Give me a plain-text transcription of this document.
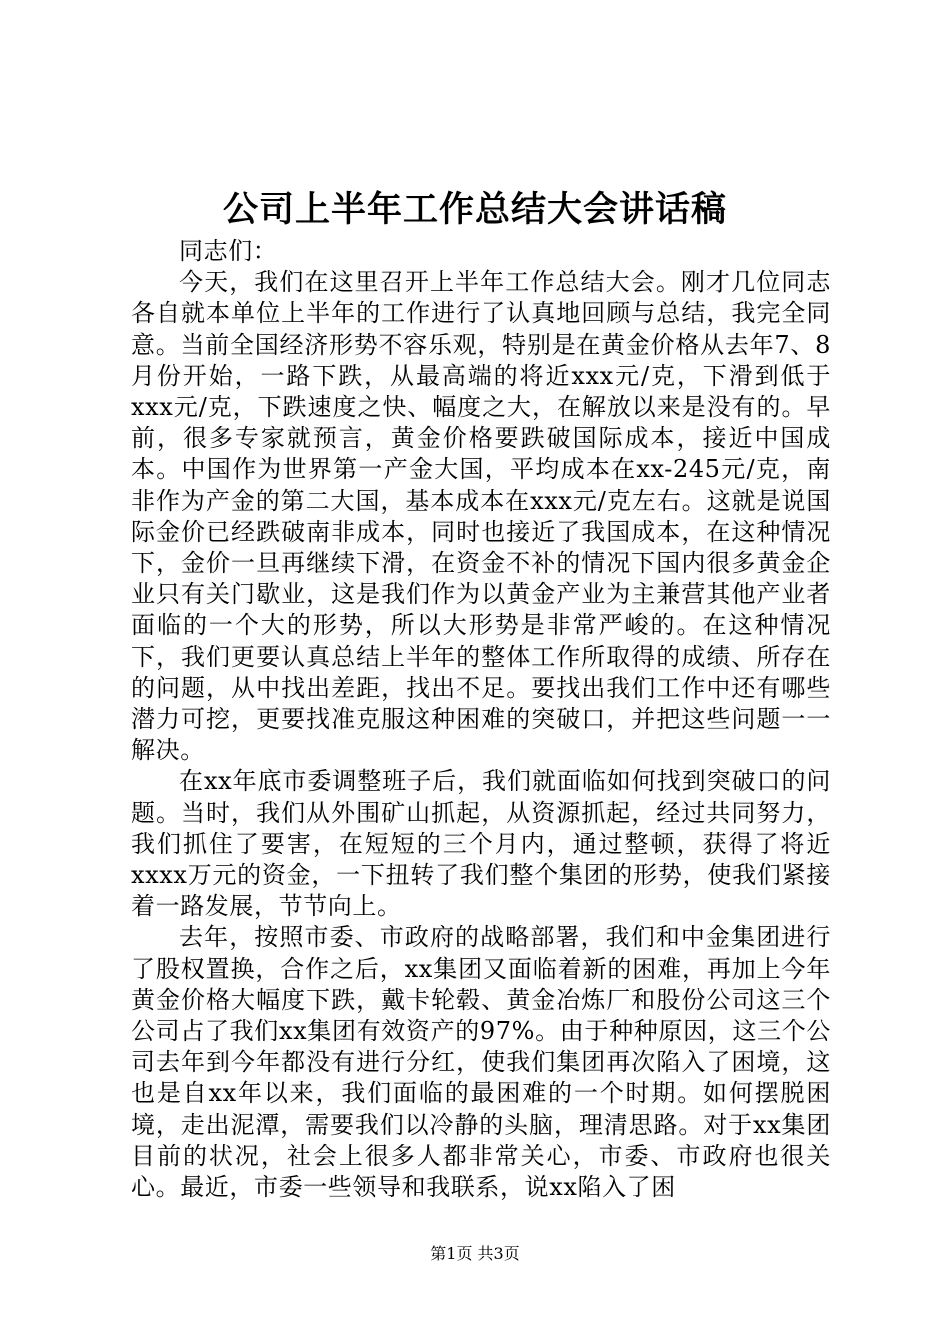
公司上半年工作总结大会讲话稿

同志们：

今天，我们在这里召开上半年工作总结大会。刚才几位同志各自就本单位上半年的工作进行了认真地回顾与总结，我完全同意。当前全国经济形势不容乐观，特别是在黄金价格从去年7、8月份开始，一路下跌，从最高端的将近xxx元/克，下滑到低于xxx元/克，下跌速度之快、幅度之大，在解放以来是没有的。早前，很多专家就预言，黄金价格要跌破国际成本，接近中国成本。中国作为世界第一产金大国，平均成本在xx-245元/克，南非作为产金的第二大国，基本成本在xxx元/克左右。这就是说国际金价已经跌破南非成本，同时也接近了我国成本，在这种情况下，金价一旦再继续下滑，在资金不补的情况下国内很多黄金企业只有关门歇业，这是我们作为以黄金产业为主兼营其他产业者面临的一个大的形势，所以大形势是非常严峻的。在这种情况下，我们更要认真总结上半年的整体工作所取得的成绩、所存在的问题，从中找出差距，找出不足。要找出我们工作中还有哪些潜力可挖，更要找准克服这种困难的突破口，并把这些问题一一解决。

在xx年底市委调整班子后，我们就面临如何找到突破口的问题。当时，我们从外围矿山抓起，从资源抓起，经过共同努力，我们抓住了要害，在短短的三个月内，通过整顿，获得了将近xxxx万元的资金，一下扭转了我们整个集团的形势，使我们紧接着一路发展，节节向上。

去年，按照市委、市政府的战略部署，我们和中金集团进行了股权置换，合作之后，xx集团又面临着新的困难，再加上今年黄金价格大幅度下跌，戴卡轮毂、黄金冶炼厂和股份公司这三个公司占了我们xx集团有效资产的97%。由于种种原因，这三个公司去年到今年都没有进行分红，使我们集团再次陷入了困境，这也是自xx年以来，我们面临的最困难的一个时期。如何摆脱困境，走出泥潭，需要我们以冷静的头脑，理清思路。对于xx集团目前的状况，社会上很多人都非常关心，市委、市政府也很关心。最近，市委一些领导和我联系，说xx陷入了困

第1页 共3页
